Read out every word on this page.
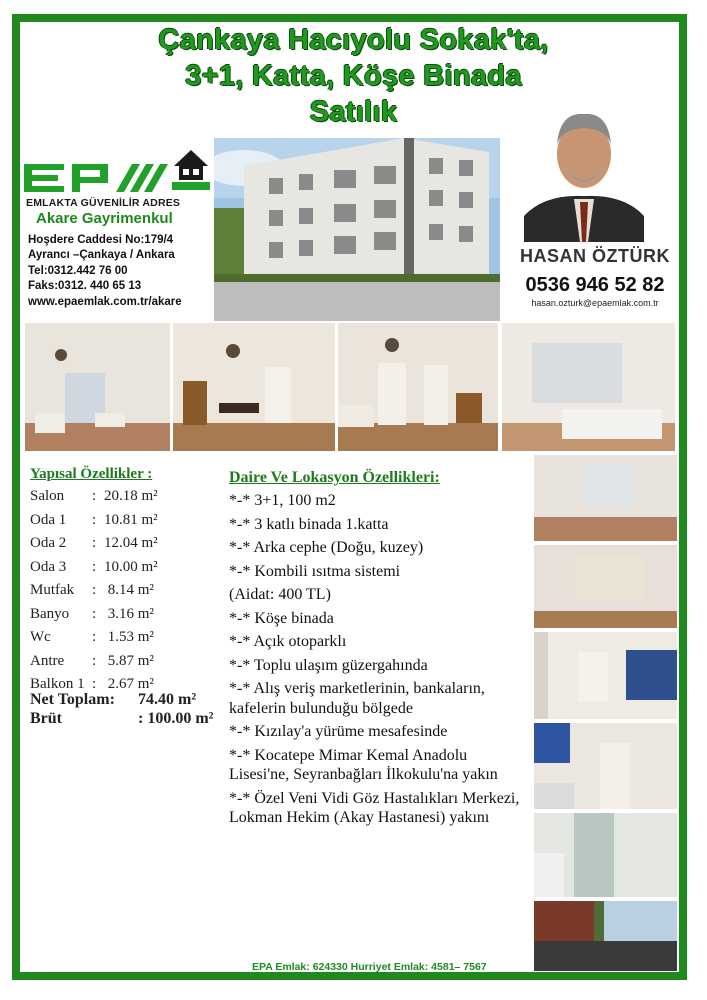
Çankaya Hacıyolu Sokak'ta,
3+1, Katta, Köşe Binada
Satılık
EMLAKTA GÜVENİLİR ADRES
Akare Gayrimenkul
Hoşdere Caddesi No:179/4
Ayrancı –Çankaya / Ankara
Tel:0312.442 76 00
Faks:0312. 440 65 13
www.epaemlak.com.tr/akare
HASAN ÖZTÜRK
0536 946 52 82
hasan.ozturk@epaemlak.com.tr
Yapısal Özellikler :
Salon : 20.18 m²
Oda 1 : 10.81 m²
Oda 2 : 12.04 m²
Oda 3 : 10.00 m²
Mutfak : 8.14 m²
Banyo : 3.16 m²
Wc	: 1.53 m²
Antre : 5.87 m²
Balkon 1 : 2.67 m²
Net Toplam: 74.40 m²
Brüt	: 100.00 m²
Daire Ve Lokasyon Özellikleri:
*-* 3+1, 100 m2
*-* 3 katlı binada 1.katta
*-* Arka cephe (Doğu, kuzey)
*-* Kombili ısıtma sistemi
(Aidat: 400 TL)
*-* Köşe binada
*-* Açık otoparklı
*-* Toplu ulaşım güzergahında
*-* Alış veriş marketlerinin, bankaların, kafelerin bulunduğu bölgede
*-* Kızılay'a yürüme mesafesinde
*-* Kocatepe Mimar Kemal Anadolu Lisesi'ne, Seyranbağları İlkokulu'na yakın
*-* Özel Veni Vidi Göz Hastalıkları Merkezi, Lokman Hekim (Akay Hastanesi) yakını
EPA Emlak: 624330 Hurriyet Emlak: 4581– 7567
